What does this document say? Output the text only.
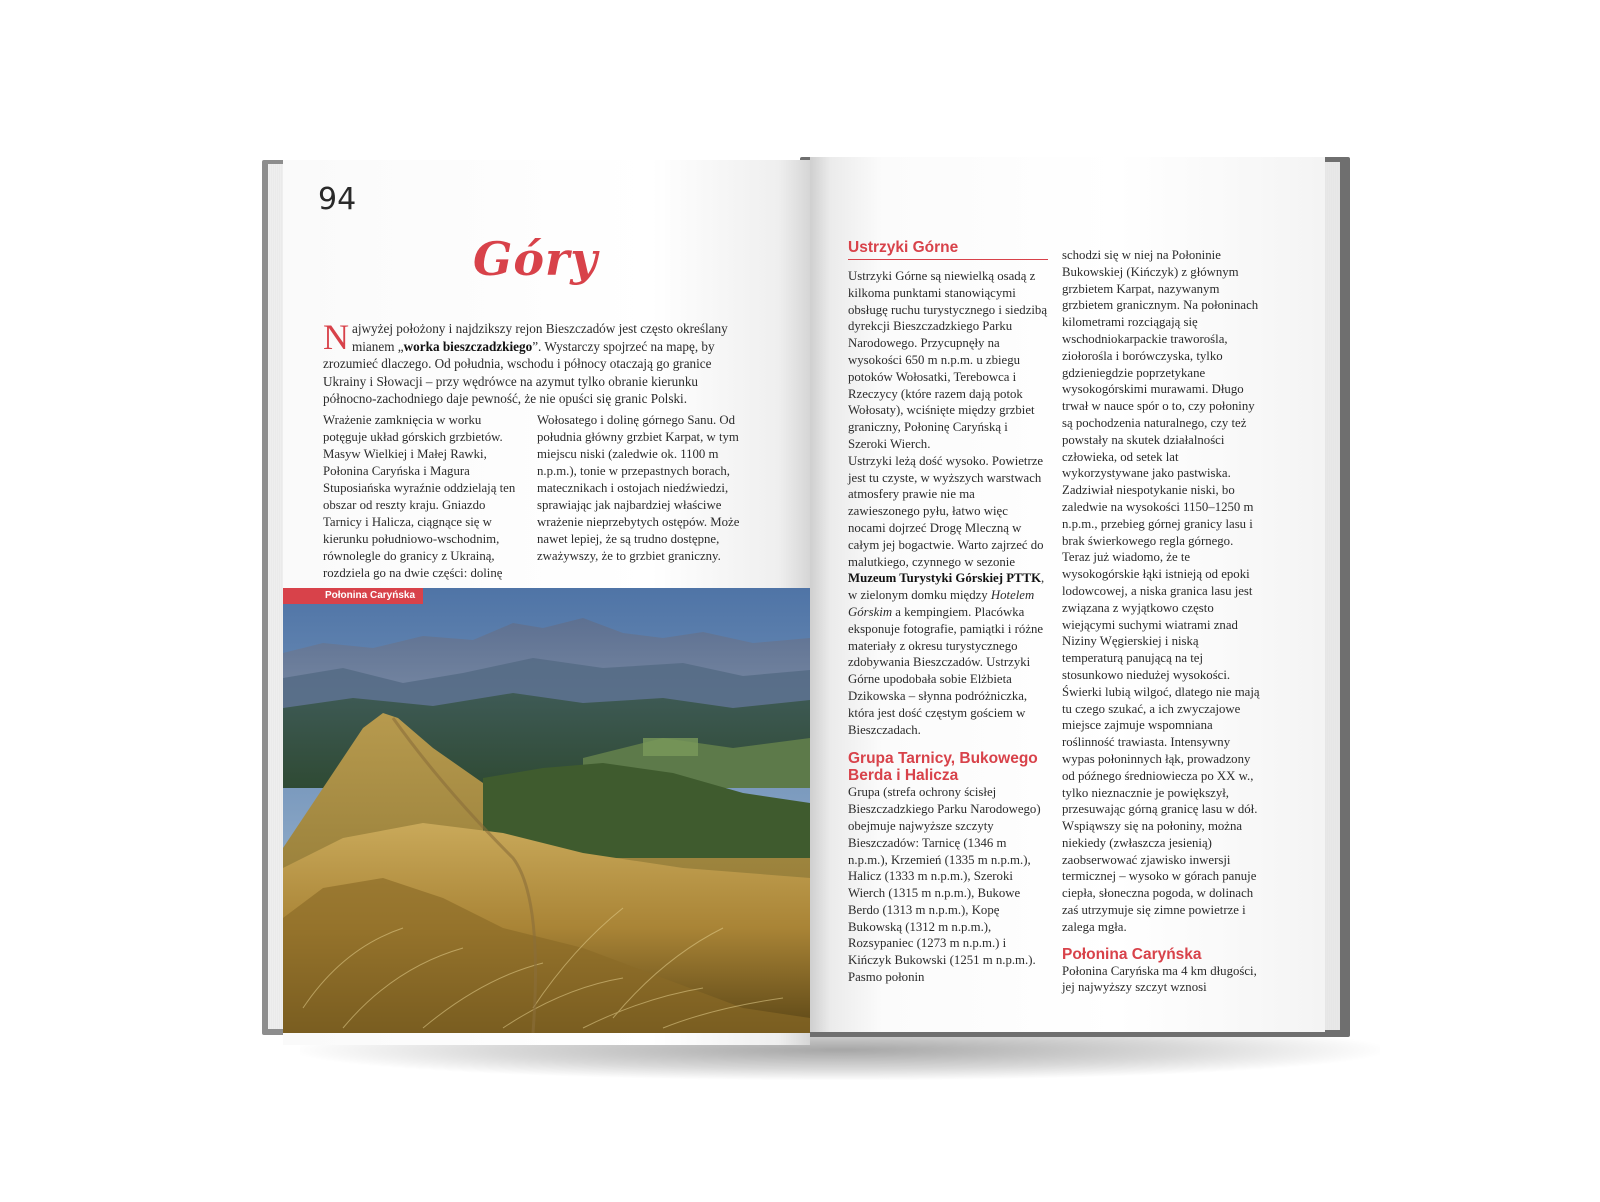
94
Góry

Najwyżej położony i najdzikszy rejon Bieszczadów jest często określany mianem „worka bieszczadzkiego”. Wystarczy spojrzeć na mapę, by zrozumieć dlaczego. Od południa, wschodu i północy otaczają go granice Ukrainy i Słowacji – przy wędrówce na azymut tylko obranie kierunku północno-zachodniego daje pewność, że nie opuści się granic Polski.

Wrażenie zamknięcia w worku potęguje układ górskich grzbietów. Masyw Wielkiej i Małej Rawki, Połonina Caryńska i Magura Stuposiańska wyraźnie oddzielają ten obszar od reszty kraju. Gniazdo Tarnicy i Halicza, ciągnące się w kierunku południowo-wschodnim, równolegle do granicy z Ukrainą, rozdziela go na dwie części: dolinę

Wołosatego i dolinę górnego Sanu. Od południa główny grzbiet Karpat, w tym miejscu niski (zaledwie ok. 1100 m n.p.m.), tonie w przepastnych borach, matecznikach i ostojach niedźwiedzi, sprawiając jak najbardziej właściwe wrażenie nieprzebytych ostępów. Może nawet lepiej, że są trudno dostępne, zważywszy, że to grzbiet graniczny.

Połonina Caryńska
Ustrzyki Górne

Ustrzyki Górne są niewielką osadą z kilkoma punktami stanowiącymi obsługę ruchu turystycznego i siedzibą dyrekcji Bieszczadzkiego Parku Narodowego. Przycupnęły na wysokości 650 m n.p.m. u zbiegu potoków Wołosatki, Terebowca i Rzeczycy (które razem dają potok Wołosaty), wciśnięte między grzbiet graniczny, Połoninę Caryńską i Szeroki Wierch.

Ustrzyki leżą dość wysoko. Powietrze jest tu czyste, w wyższych warstwach atmosfery prawie nie ma zawieszonego pyłu, łatwo więc nocami dojrzeć Drogę Mleczną w całym jej bogactwie. Warto zajrzeć do malutkiego, czynnego w sezonie Muzeum Turystyki Górskiej PTTK, w zielonym domku między Hotelem Górskim a kempingiem. Placówka eksponuje fotografie, pamiątki i różne materiały z okresu turystycznego zdobywania Bieszczadów. Ustrzyki Górne upodobała sobie Elżbieta Dzikowska – słynna podróżniczka, która jest dość częstym gościem w Bieszczadach.

Grupa Tarnicy, Bukowego Berda i Halicza

Grupa (strefa ochrony ścisłej Bieszczadzkiego Parku Narodowego) obejmuje najwyższe szczyty Bieszczadów: Tarnicę (1346 m n.p.m.), Krzemień (1335 m n.p.m.), Halicz (1333 m n.p.m.), Szeroki Wierch (1315 m n.p.m.), Bukowe Berdo (1313 m n.p.m.), Kopę Bukowską (1312 m n.p.m.), Rozsypaniec (1273 m n.p.m.) i Kińczyk Bukowski (1251 m n.p.m.). Pasmo połonin

schodzi się w niej na Połoninie Bukowskiej (Kińczyk) z głównym grzbietem Karpat, nazywanym grzbietem granicznym. Na połoninach kilometrami rozciągają się wschodniokarpackie traworośla, ziołorośla i borówczyska, tylko gdzieniegdzie poprzetykane wysokogórskimi murawami. Długo trwał w nauce spór o to, czy połoniny są pochodzenia naturalnego, czy też powstały na skutek działalności człowieka, od setek lat wykorzystywane jako pastwiska. Zadziwiał niespotykanie niski, bo zaledwie na wysokości 1150–1250 m n.p.m., przebieg górnej granicy lasu i brak świerkowego regla górnego. Teraz już wiadomo, że te wysokogórskie łąki istnieją od epoki lodowcowej, a niska granica lasu jest związana z wyjątkowo często wiejącymi suchymi wiatrami znad Niziny Węgierskiej i niską temperaturą panującą na tej stosunkowo niedużej wysokości. Świerki lubią wilgoć, dlatego nie mają tu czego szukać, a ich zwyczajowe miejsce zajmuje wspomniana roślinność trawiasta. Intensywny wypas połoninnych łąk, prowadzony od późnego średniowiecza po XX w., tylko nieznacznie je powiększył, przesuwając górną granicę lasu w dół. Wspiąwszy się na połoniny, można niekiedy (zwłaszcza jesienią) zaobserwować zjawisko inwersji termicznej – wysoko w górach panuje ciepła, słoneczna pogoda, w dolinach zaś utrzymuje się zimne powietrze i zalega mgła.

Połonina Caryńska

Połonina Caryńska ma 4 km długości, jej najwyższy szczyt wznosi
